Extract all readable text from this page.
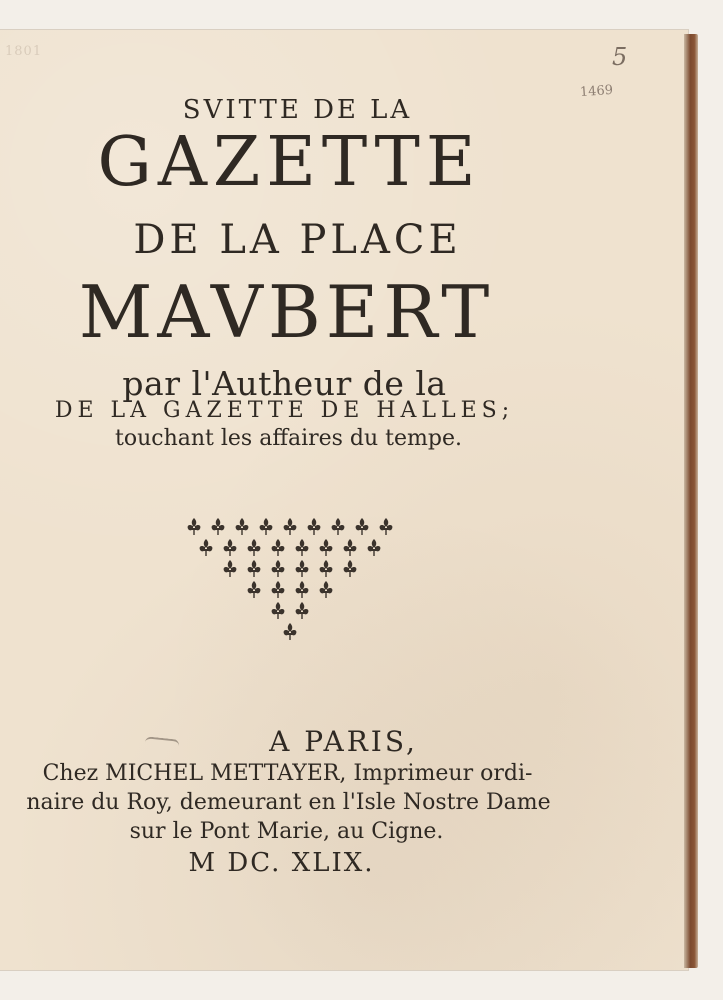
5
1469
1801
SVITTE DE LA
GAZETTE
DE LA PLACE
MAVBERT
par l'Autheur de la
DE LA GAZETTE DE HALLES;
touchant les affaires du tempe.
A PARIS,
Chez MICHEL METTAYER, Imprimeur ordi-
naire du Roy, demeurant en l'Isle Nostre Dame
sur le Pont Marie, au Cigne.
M DC. XLIX.
